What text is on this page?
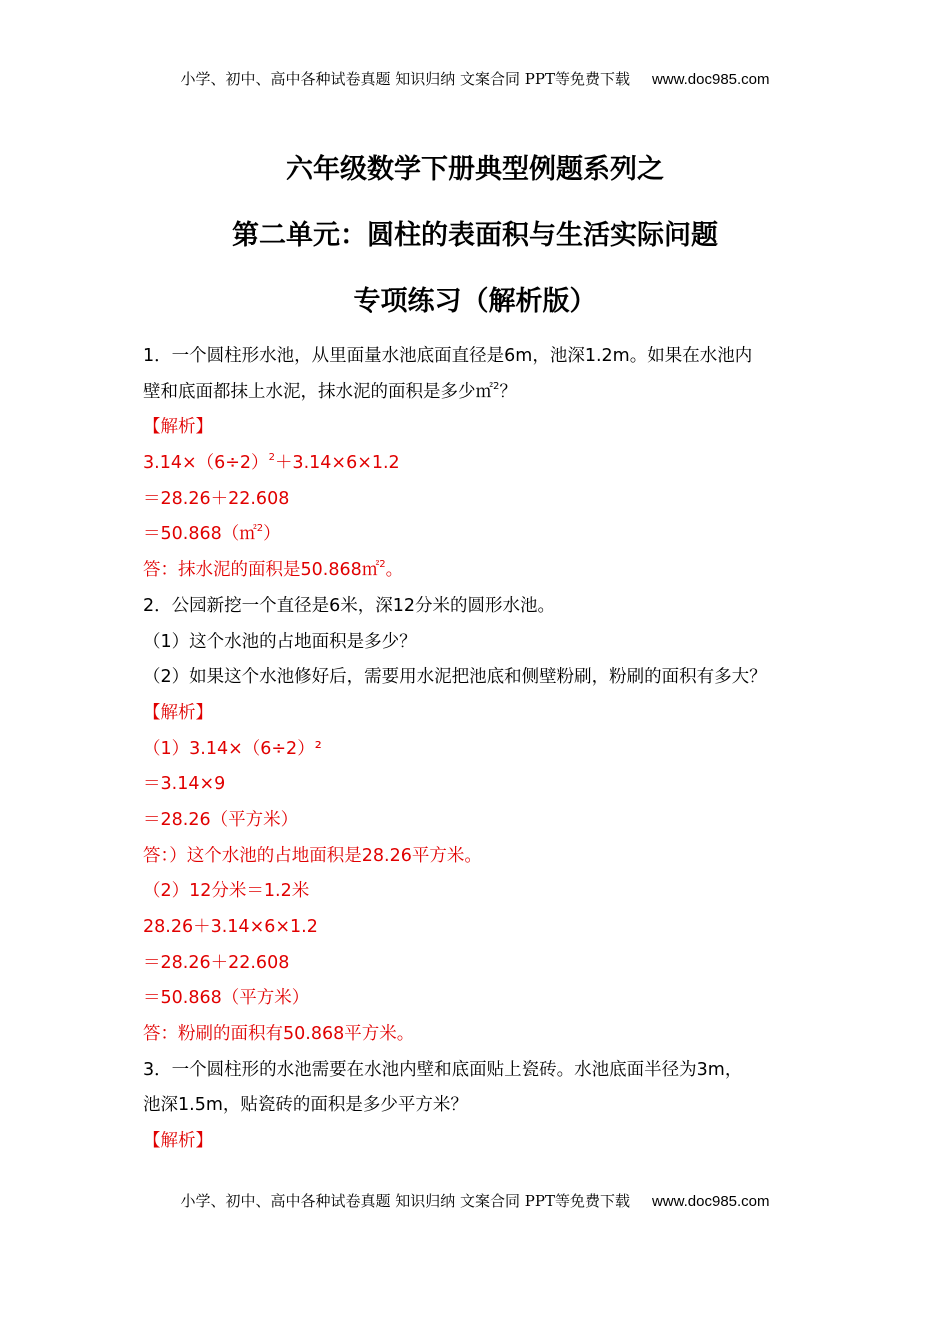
小学、初中、高中各种试卷真题 知识归纳 文案合同 PPT等免费下载 www.doc985.com
六年级数学下册典型例题系列之
第二单元：圆柱的表面积与生活实际问题
专项练习（解析版）
1．一个圆柱形水池，从里面量水池底面直径是6m，池深1.2m。如果在水池内
壁和底面都抹上水泥，抹水泥的面积是多少㎡$^2$？
【解析】
$3.14\times(6\div 2)^2+3.14\times 6\times 1.2$
＝28.26＋22.608
＝50.868（㎡$^2$）
答：抹水泥的面积是50.868㎡$^2$。
2．公园新挖一个直径是6米，深12分米的圆形水池。
（1）这个水池的占地面积是多少？
（2）如果这个水池修好后，需要用水泥把池底和侧壁粉刷，粉刷的面积有多大？
【解析】
（1）3.14×（6÷2）²
＝3.14×9
＝28.26（平方米）
答：）这个水池的占地面积是28.26平方米。
（2）12分米＝1.2米
28.26＋3.14×6×1.2
＝28.26＋22.608
＝50.868（平方米）
答：粉刷的面积有50.868平方米。
3．一个圆柱形的水池需要在水池内壁和底面贴上瓷砖。水池底面半径为3m，
池深1.5m，贴瓷砖的面积是多少平方米？
【解析】
小学、初中、高中各种试卷真题 知识归纳 文案合同 PPT等免费下载 www.doc985.com
